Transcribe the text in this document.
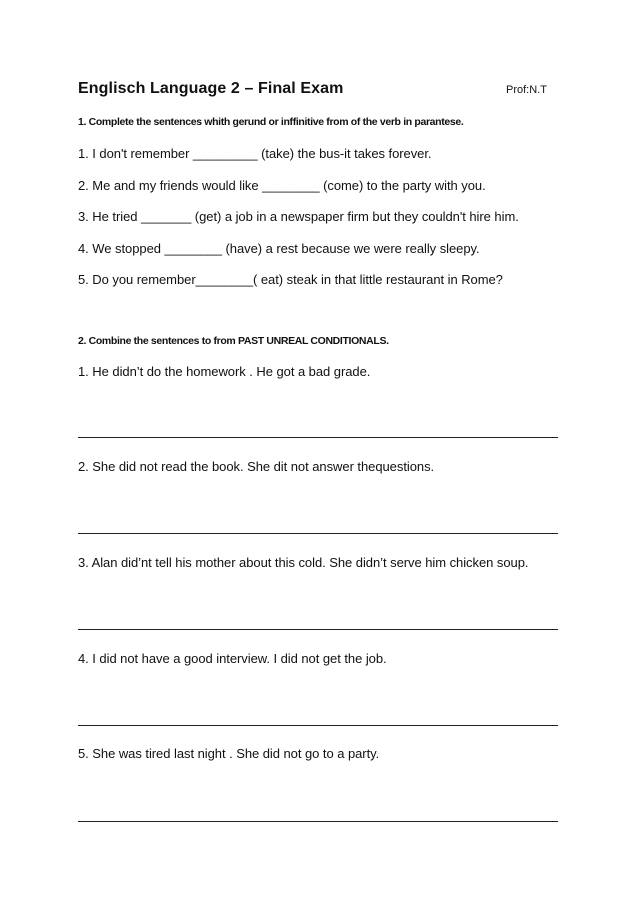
Englisch Language 2 – Final Exam	Prof:N.T
1. Complete the sentences whith gerund or inffinitive from of the verb in parantese.
1. I don't remember _________ (take) the bus-it takes forever.
2. Me and my friends would like ________ (come) to the party with you.
3. He tried _______ (get) a job in a newspaper firm but they couldn't hire him.
4. We stopped ________ (have) a rest because we were really sleepy.
5. Do you remember________( eat) steak in that little restaurant in Rome?
2. Combine the sentences to from PAST UNREAL CONDITIONALS.
1. He didn’t do the homework . He got a bad grade.
2. She did not read the book. She dit not answer thequestions.
3. Alan did’nt tell his mother about this cold. She didn’t serve him chicken soup.
4. I did not have a good interview. I did not get the job.
5. She was tired last night . She did not go to a party.
